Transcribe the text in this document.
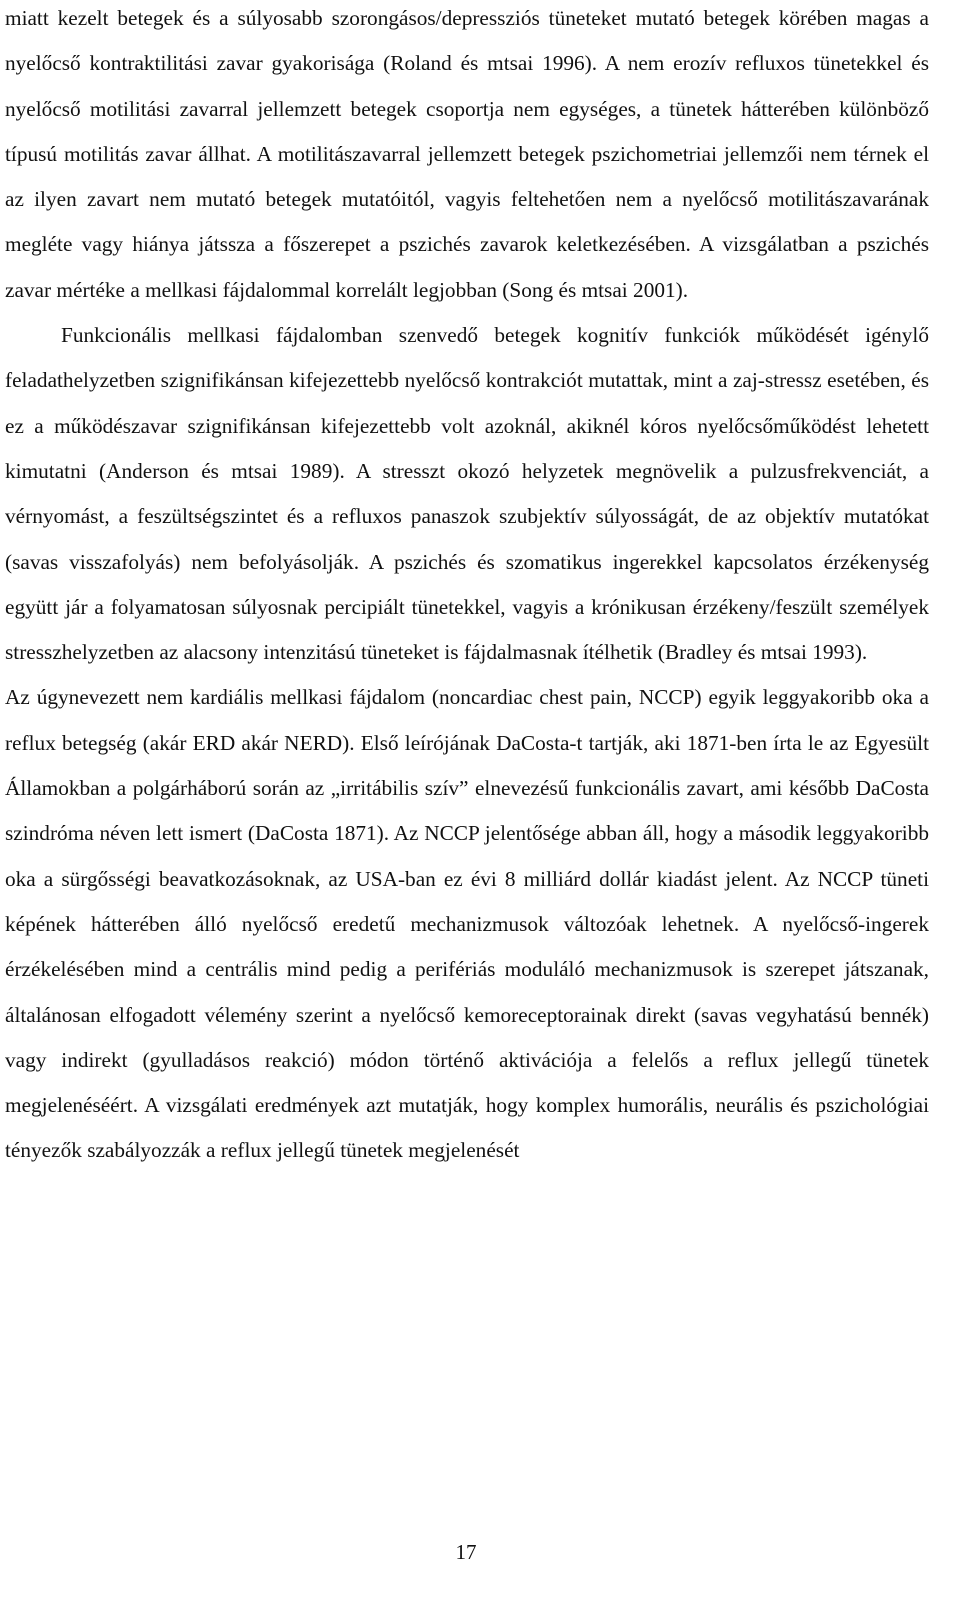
miatt kezelt betegek és a súlyosabb szorongásos/depressziós tüneteket mutató betegek körében magas a nyelőcső kontraktilitási zavar gyakorisága (Roland és mtsai 1996). A nem erozív refluxos tünetekkel és nyelőcső motilitási zavarral jellemzett betegek csoportja nem egységes, a tünetek hátterében különböző típusú motilitás zavar állhat. A motilitászavarral jellemzett betegek pszichometriai jellemzői nem térnek el az ilyen zavart nem mutató betegek mutatóitól, vagyis feltehetően nem a nyelőcső motilitászavarának megléte vagy hiánya játssza a főszerepet a pszichés zavarok keletkezésében. A vizsgálatban a pszichés zavar mértéke a mellkasi fájdalommal korrelált legjobban (Song és mtsai 2001).

Funkcionális mellkasi fájdalomban szenvedő betegek kognitív funkciók működését igénylő feladathelyzetben szignifikánsan kifejezettebb nyelőcső kontrakciót mutattak, mint a zaj-stressz esetében, és ez a működészavar szignifikánsan kifejezettebb volt azoknál, akiknél kóros nyelőcsőműködést lehetett kimutatni (Anderson és mtsai 1989). A stresszt okozó helyzetek megnövelik a pulzusfrekvenciát, a vérnyomást, a feszültségszintet és a refluxos panaszok szubjektív súlyosságát, de az objektív mutatókat (savas visszafolyás) nem befolyásolják. A pszichés és szomatikus ingerekkel kapcsolatos érzékenység együtt jár a folyamatosan súlyosnak percipiált tünetekkel, vagyis a krónikusan érzékeny/feszült személyek stresszhelyzetben az alacsony intenzitású tüneteket is fájdalmasnak ítélhetik (Bradley és mtsai 1993).

Az úgynevezett nem kardiális mellkasi fájdalom (noncardiac chest pain, NCCP) egyik leggyakoribb oka a reflux betegség (akár ERD akár NERD). Első leírójának DaCosta-t tartják, aki 1871-ben írta le az Egyesült Államokban a polgárháború során az „irritábilis szív” elnevezésű funkcionális zavart, ami később DaCosta szindróma néven lett ismert (DaCosta 1871). Az NCCP jelentősége abban áll, hogy a második leggyakoribb oka a sürgősségi beavatkozásoknak, az USA-ban ez évi 8 milliárd dollár kiadást jelent. Az NCCP tüneti képének hátterében álló nyelőcső eredetű mechanizmusok változóak lehetnek. A nyelőcső-ingerek érzékelésében mind a centrális mind pedig a perifériás moduláló mechanizmusok is szerepet játszanak, általánosan elfogadott vélemény szerint a nyelőcső kemoreceptorainak direkt (savas vegyhatású bennék) vagy indirekt (gyulladásos reakció) módon történő aktivációja a felelős a reflux jellegű tünetek megjelenéséért. A vizsgálati eredmények azt mutatják, hogy komplex humorális, neurális és pszichológiai tényezők szabályozzák a reflux jellegű tünetek megjelenését

17
